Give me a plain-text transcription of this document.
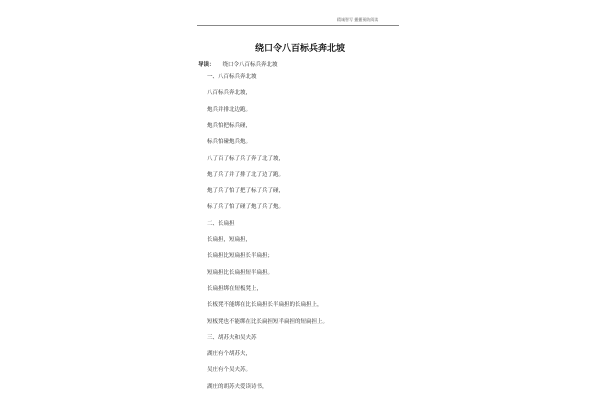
精诚智写 播播预防阅读
绕口令八百标兵奔北坡
导读： 绕口令八百标兵奔北坡
一、八百标兵奔北坡
八百标兵奔北坡，
炮兵并排北边跑。
炮兵怕把标兵碰，
标兵怕碰炮兵炮。
八了百了标了兵了奔了北了坡，
炮了兵了并了排了北了边了跑。
炮了兵了怕了把了标了兵了碰，
标了兵了怕了碰了炮了兵了炮。
二、长扁担
长扁担，短扁担，
长扁担比短扁担长半扁担；
短扁担比长扁担短半扁担。
长扁担绑在短板凳上，
长板凳不能绑在比长扁担长半扁担的长扁担上，
短板凳也不能绑在比长扁担短半扁担的短扁担上。
三、胡苏夫和吴夫苏
湖庄有个胡苏夫，
吴庄有个吴夫苏。
湖庄的胡苏夫爱读诗书，
